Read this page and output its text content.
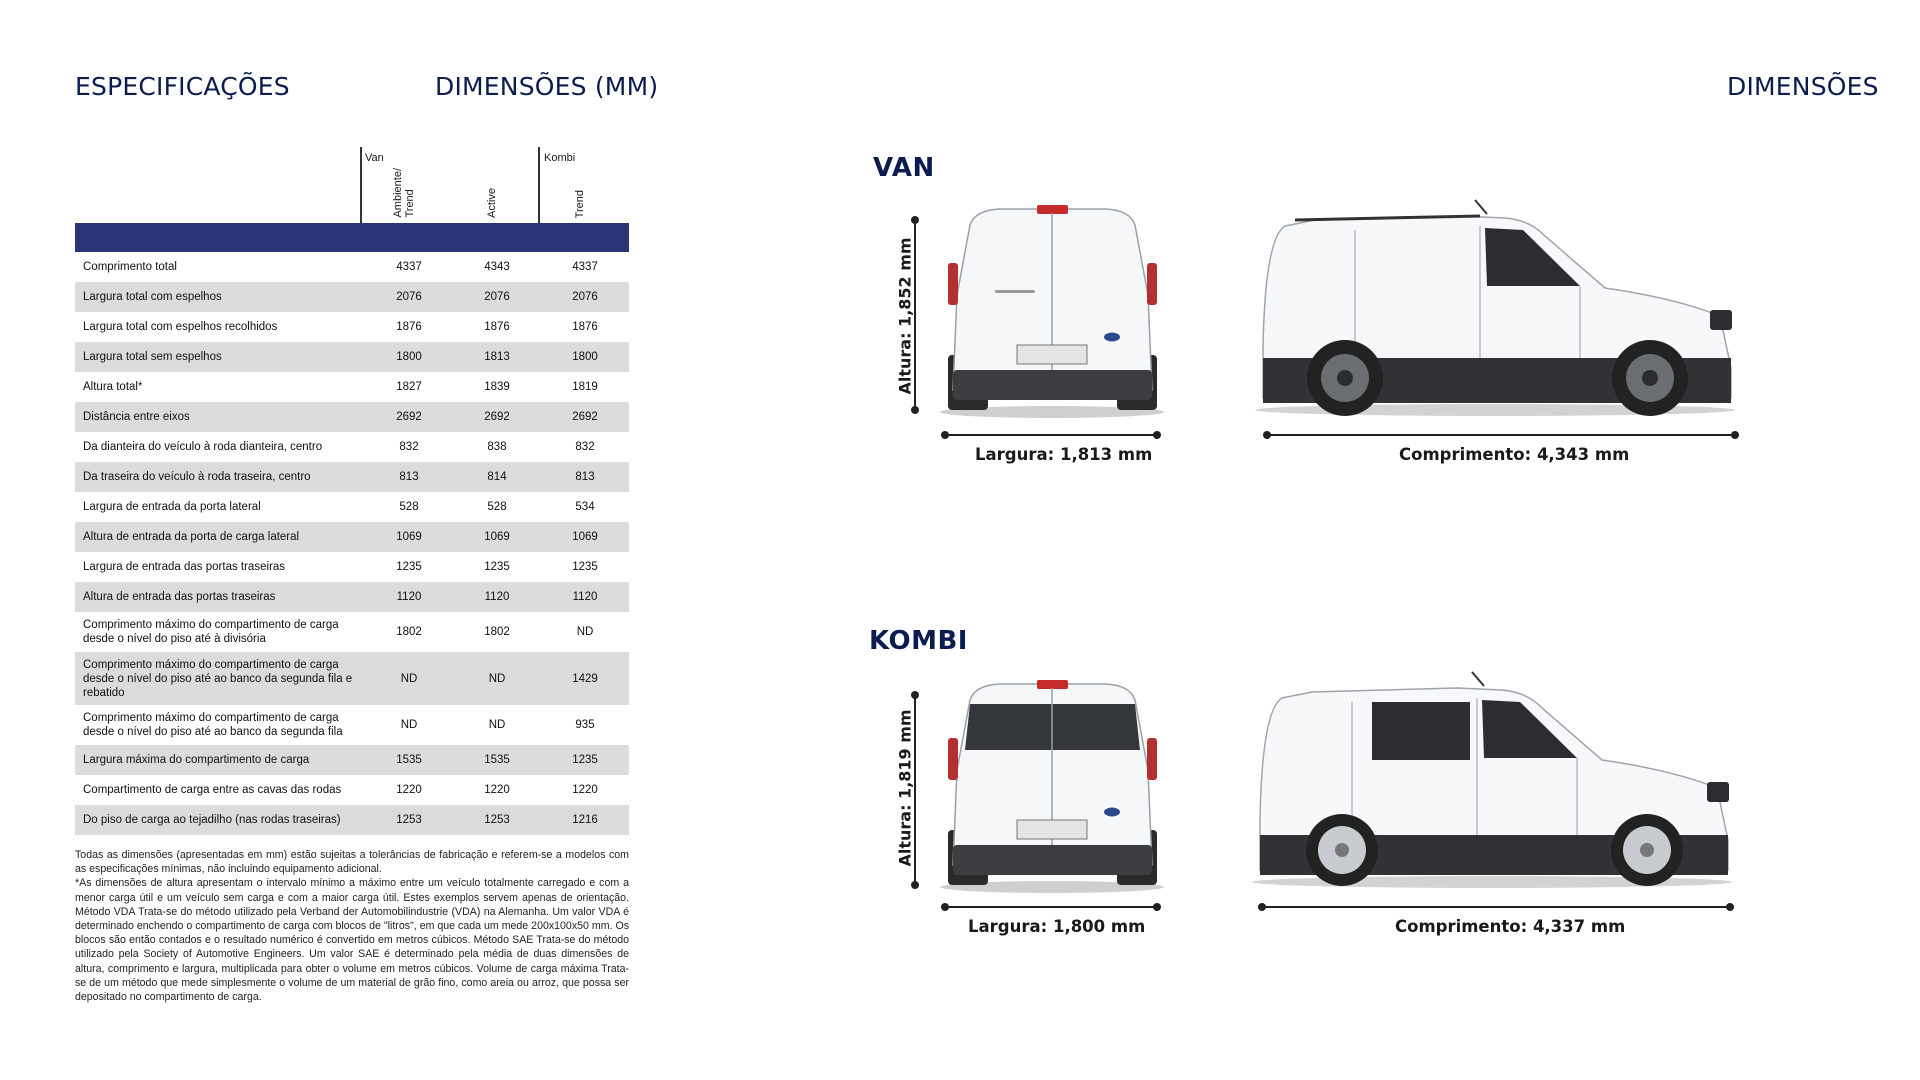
ESPECIFICAÇÕES	DIMENSÕES (MM)	DIMENSÕES
Van	Kombi
Ambiente/
Trend	Active	Trend
Comprimento total	4337	4343	4337
Largura total com espelhos	2076	2076	2076
Largura total com espelhos recolhidos	1876	1876	1876
Largura total sem espelhos	1800	1813	1800
Altura total*	1827	1839	1819
Distância entre eixos	2692	2692	2692
Da dianteira do veículo à roda dianteira, centro	832	838	832
Da traseira do veículo à roda traseira, centro	813	814	813
Largura de entrada da porta lateral	528	528	534
Altura de entrada da porta de carga lateral	1069	1069	1069
Largura de entrada das portas traseiras	1235	1235	1235
Altura de entrada das portas traseiras	1120	1120	1120
Comprimento máximo do compartimento de carga desde o nível do piso até à divisória
1802	1802	ND
Comprimento máximo do compartimento de carga desde o nível do piso até ao banco da segunda fila e rebatido
ND	ND	1429
Comprimento máximo do compartimento de carga desde o nível do piso até ao banco da segunda fila
ND	ND	935
Largura máxima do compartimento de carga	1535	1535	1235
Compartimento de carga entre as cavas das rodas	1220	1220	1220
Do piso de carga ao tejadilho (nas rodas traseiras)	1253	1253	1216

Todas as dimensões (apresentadas em mm) estão sujeitas a tolerâncias de fabricação e referem-se a modelos com as especificações mínimas, não incluindo equipamento adicional.

*As dimensões de altura apresentam o intervalo mínimo a máximo entre um veículo totalmente carregado e com a menor carga útil e um veículo sem carga e com a maior carga útil. Estes exemplos servem apenas de orientação. Método VDA Trata-se do método utilizado pela Verband der Automobilindustrie (VDA) na Alemanha. Um valor VDA é determinado enchendo o compartimento de carga com blocos de "litros", em que cada um mede 200x100x50 mm. Os blocos são então contados e o resultado numérico é convertido em metros cúbicos. Método SAE Trata-se do método utilizado pela Society of Automotive Engineers. Um valor SAE é determinado pela média de duas dimensões de altura, comprimento e largura, multiplicada para obter o volume em metros cúbicos. Volume de carga máxima Trata-se de um método que mede simplesmente o volume de um material de grão fino, como areia ou arroz, que possa ser depositado no compartimento de carga.

VAN
Altura: 1,852 mm
Largura: 1,813 mm	Comprimento: 4,343 mm
KOMBI
Altura: 1,819 mm
Largura: 1,800 mm	Comprimento: 4,337 mm
